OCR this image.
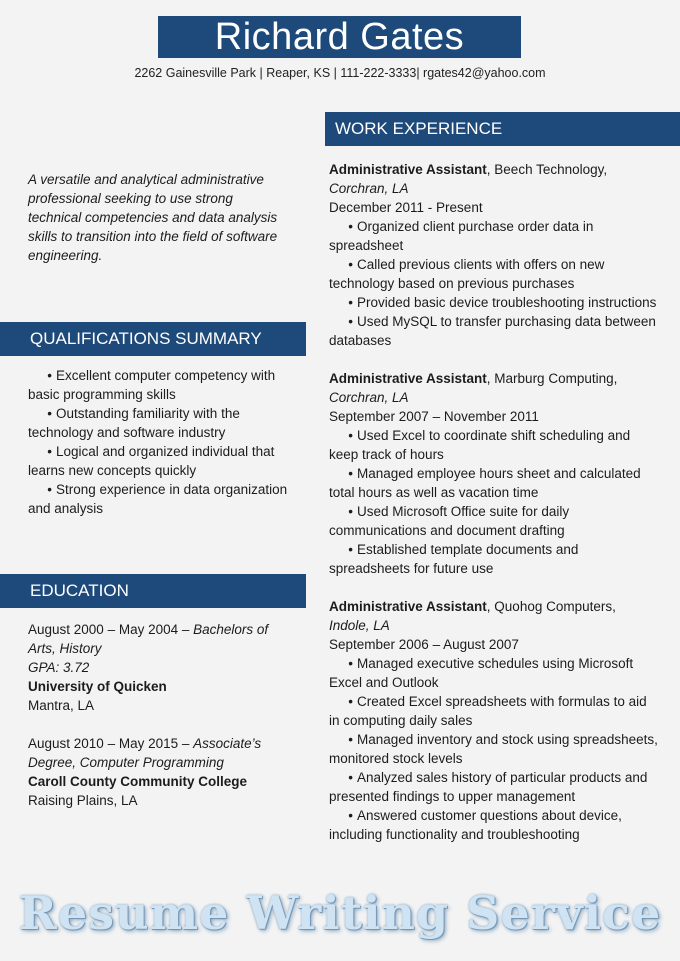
Richard Gates
2262 Gainesville Park | Reaper, KS | 111-222-3333| rgates42@yahoo.com
WORK EXPERIENCE
QUALIFICATIONS SUMMARY
EDUCATION
A versatile and analytical administrative professional seeking to use strong technical competencies and data analysis skills to transition into the field of software engineering.

• Excellent computer competency with basic programming skills

• Outstanding familiarity with the technology and software industry

• Logical and organized individual that learns new concepts quickly

• Strong experience in data organization and analysis

August 2000 – May 2004 – Bachelors of Arts, History
GPA: 3.72
University of Quicken
Mantra, LA
August 2010 – May 2015 – Associate’s Degree, Computer Programming
Caroll County Community College
Raising Plains, LA

Administrative Assistant, Beech Technology,

Corchran, LA

December 2011 - Present

• Organized client purchase order data in spreadsheet

• Called previous clients with offers on new technology based on previous purchases

• Provided basic device troubleshooting instructions

• Used MySQL to transfer purchasing data between databases

Administrative Assistant, Marburg Computing,

Corchran, LA

September 2007 – November 2011

• Used Excel to coordinate shift scheduling and keep track of hours

• Managed employee hours sheet and calculated total hours as well as vacation time

• Used Microsoft Office suite for daily communications and document drafting

• Established template documents and spreadsheets for future use

Administrative Assistant, Quohog Computers,

Indole, LA

September 2006 – August 2007

• Managed executive schedules using Microsoft Excel and Outlook

• Created Excel spreadsheets with formulas to aid in computing daily sales

• Managed inventory and stock using spreadsheets, monitored stock levels

• Analyzed sales history of particular products and presented findings to upper management

• Answered customer questions about device, including functionality and troubleshooting

Resume Writing Service
